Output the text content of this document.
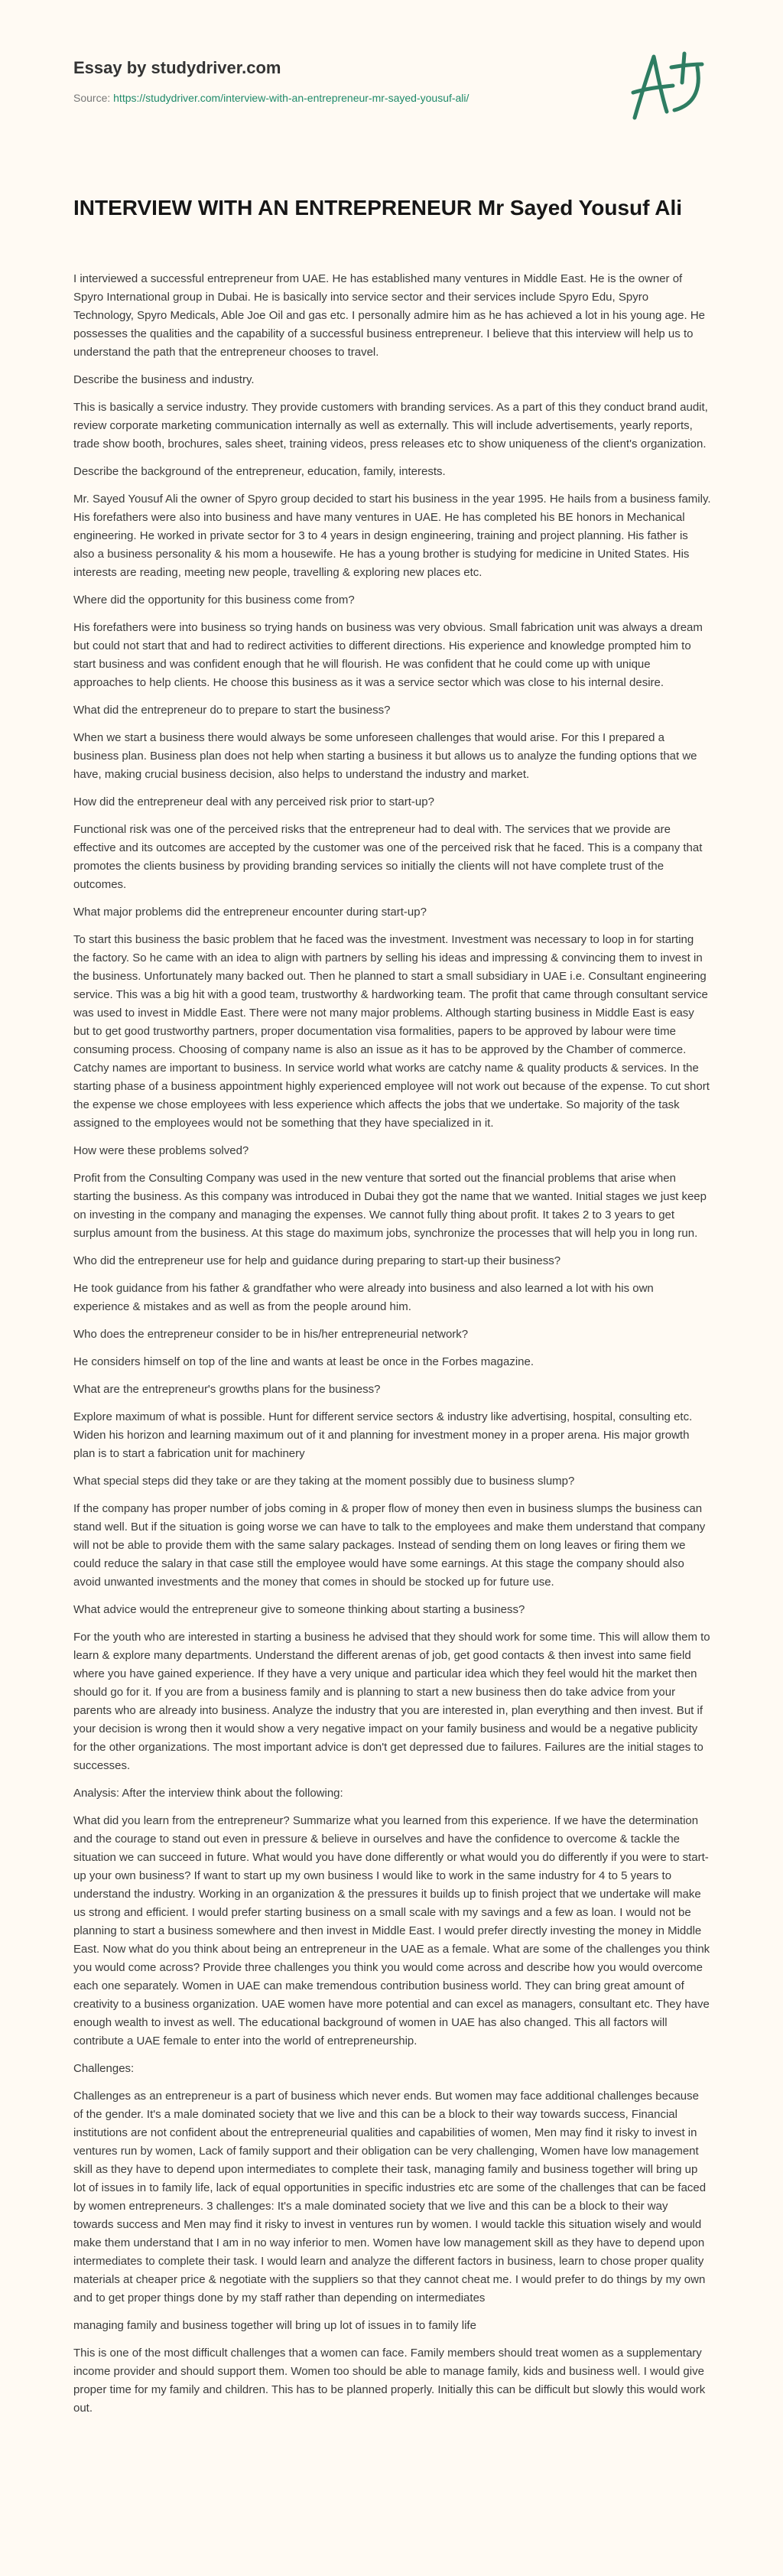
Essay by studydriver.com
Source: https://studydriver.com/interview-with-an-entrepreneur-mr-sayed-yousuf-ali/
INTERVIEW WITH AN ENTREPRENEUR Mr Sayed Yousuf Ali

I interviewed a successful entrepreneur from UAE. He has established many ventures in Middle East. He is the owner of Spyro International group in Dubai. He is basically into service sector and their services include Spyro Edu, Spyro Technology, Spyro Medicals, Able Joe Oil and gas etc. I personally admire him as he has achieved a lot in his young age. He possesses the qualities and the capability of a successful business entrepreneur. I believe that this interview will help us to understand the path that the entrepreneur chooses to travel.

Describe the business and industry.

This is basically a service industry. They provide customers with branding services. As a part of this they conduct brand audit, review corporate marketing communication internally as well as externally. This will include advertisements, yearly reports, trade show booth, brochures, sales sheet, training videos, press releases etc to show uniqueness of the client's organization.

Describe the background of the entrepreneur, education, family, interests.

Mr. Sayed Yousuf Ali the owner of Spyro group decided to start his business in the year 1995. He hails from a business family. His forefathers were also into business and have many ventures in UAE. He has completed his BE honors in Mechanical engineering. He worked in private sector for 3 to 4 years in design engineering, training and project planning. His father is also a business personality & his mom a housewife. He has a young brother is studying for medicine in United States. His interests are reading, meeting new people, travelling & exploring new places etc.

Where did the opportunity for this business come from?

His forefathers were into business so trying hands on business was very obvious. Small fabrication unit was always a dream but could not start that and had to redirect activities to different directions. His experience and knowledge prompted him to start business and was confident enough that he will flourish. He was confident that he could come up with unique approaches to help clients. He choose this business as it was a service sector which was close to his internal desire.

What did the entrepreneur do to prepare to start the business?

When we start a business there would always be some unforeseen challenges that would arise. For this I prepared a business plan. Business plan does not help when starting a business it but allows us to analyze the funding options that we have, making crucial business decision, also helps to understand the industry and market.

How did the entrepreneur deal with any perceived risk prior to start-up?

Functional risk was one of the perceived risks that the entrepreneur had to deal with. The services that we provide are effective and its outcomes are accepted by the customer was one of the perceived risk that he faced. This is a company that promotes the clients business by providing branding services so initially the clients will not have complete trust of the outcomes.

What major problems did the entrepreneur encounter during start-up?

To start this business the basic problem that he faced was the investment. Investment was necessary to loop in for starting the factory. So he came with an idea to align with partners by selling his ideas and impressing & convincing them to invest in the business. Unfortunately many backed out. Then he planned to start a small subsidiary in UAE i.e. Consultant engineering service. This was a big hit with a good team, trustworthy & hardworking team. The profit that came through consultant service was used to invest in Middle East. There were not many major problems. Although starting business in Middle East is easy but to get good trustworthy partners, proper documentation visa formalities, papers to be approved by labour were time consuming process. Choosing of company name is also an issue as it has to be approved by the Chamber of commerce. Catchy names are important to business. In service world what works are catchy name & quality products & services. In the starting phase of a business appointment highly experienced employee will not work out because of the expense. To cut short the expense we chose employees with less experience which affects the jobs that we undertake. So majority of the task assigned to the employees would not be something that they have specialized in it.

How were these problems solved?

Profit from the Consulting Company was used in the new venture that sorted out the financial problems that arise when starting the business. As this company was introduced in Dubai they got the name that we wanted. Initial stages we just keep on investing in the company and managing the expenses. We cannot fully thing about profit. It takes 2 to 3 years to get surplus amount from the business. At this stage do maximum jobs, synchronize the processes that will help you in long run.

Who did the entrepreneur use for help and guidance during preparing to start-up their business?

He took guidance from his father & grandfather who were already into business and also learned a lot with his own experience & mistakes and as well as from the people around him.

Who does the entrepreneur consider to be in his/her entrepreneurial network?

He considers himself on top of the line and wants at least be once in the Forbes magazine.

What are the entrepreneur's growths plans for the business?

Explore maximum of what is possible. Hunt for different service sectors & industry like advertising, hospital, consulting etc. Widen his horizon and learning maximum out of it and planning for investment money in a proper arena. His major growth plan is to start a fabrication unit for machinery

What special steps did they take or are they taking at the moment possibly due to business slump?

If the company has proper number of jobs coming in & proper flow of money then even in business slumps the business can stand well. But if the situation is going worse we can have to talk to the employees and make them understand that company will not be able to provide them with the same salary packages. Instead of sending them on long leaves or firing them we could reduce the salary in that case still the employee would have some earnings. At this stage the company should also avoid unwanted investments and the money that comes in should be stocked up for future use.

What advice would the entrepreneur give to someone thinking about starting a business?

For the youth who are interested in starting a business he advised that they should work for some time. This will allow them to learn & explore many departments. Understand the different arenas of job, get good contacts & then invest into same field where you have gained experience. If they have a very unique and particular idea which they feel would hit the market then should go for it. If you are from a business family and is planning to start a new business then do take advice from your parents who are already into business. Analyze the industry that you are interested in, plan everything and then invest. But if your decision is wrong then it would show a very negative impact on your family business and would be a negative publicity for the other organizations. The most important advice is don't get depressed due to failures. Failures are the initial stages to successes.

Analysis: After the interview think about the following:

What did you learn from the entrepreneur? Summarize what you learned from this experience. If we have the determination and the courage to stand out even in pressure & believe in ourselves and have the confidence to overcome & tackle the situation we can succeed in future. What would you have done differently or what would you do differently if you were to start-up your own business? If want to start up my own business I would like to work in the same industry for 4 to 5 years to understand the industry. Working in an organization & the pressures it builds up to finish project that we undertake will make us strong and efficient. I would prefer starting business on a small scale with my savings and a few as loan. I would not be planning to start a business somewhere and then invest in Middle East. I would prefer directly investing the money in Middle East. Now what do you think about being an entrepreneur in the UAE as a female. What are some of the challenges you think you would come across? Provide three challenges you think you would come across and describe how you would overcome each one separately. Women in UAE can make tremendous contribution business world. They can bring great amount of creativity to a business organization. UAE women have more potential and can excel as managers, consultant etc. They have enough wealth to invest as well. The educational background of women in UAE has also changed. This all factors will contribute a UAE female to enter into the world of entrepreneurship.

Challenges:

Challenges as an entrepreneur is a part of business which never ends. But women may face additional challenges because of the gender. It's a male dominated society that we live and this can be a block to their way towards success, Financial institutions are not confident about the entrepreneurial qualities and capabilities of women, Men may find it risky to invest in ventures run by women, Lack of family support and their obligation can be very challenging, Women have low management skill as they have to depend upon intermediates to complete their task, managing family and business together will bring up lot of issues in to family life, lack of equal opportunities in specific industries etc are some of the challenges that can be faced by women entrepreneurs. 3 challenges: It's a male dominated society that we live and this can be a block to their way towards success and Men may find it risky to invest in ventures run by women. I would tackle this situation wisely and would make them understand that I am in no way inferior to men. Women have low management skill as they have to depend upon intermediates to complete their task. I would learn and analyze the different factors in business, learn to chose proper quality materials at cheaper price & negotiate with the suppliers so that they cannot cheat me. I would prefer to do things by my own and to get proper things done by my staff rather than depending on intermediates

managing family and business together will bring up lot of issues in to family life

This is one of the most difficult challenges that a women can face. Family members should treat women as a supplementary income provider and should support them. Women too should be able to manage family, kids and business well. I would give proper time for my family and children. This has to be planned properly. Initially this can be difficult but slowly this would work out.
